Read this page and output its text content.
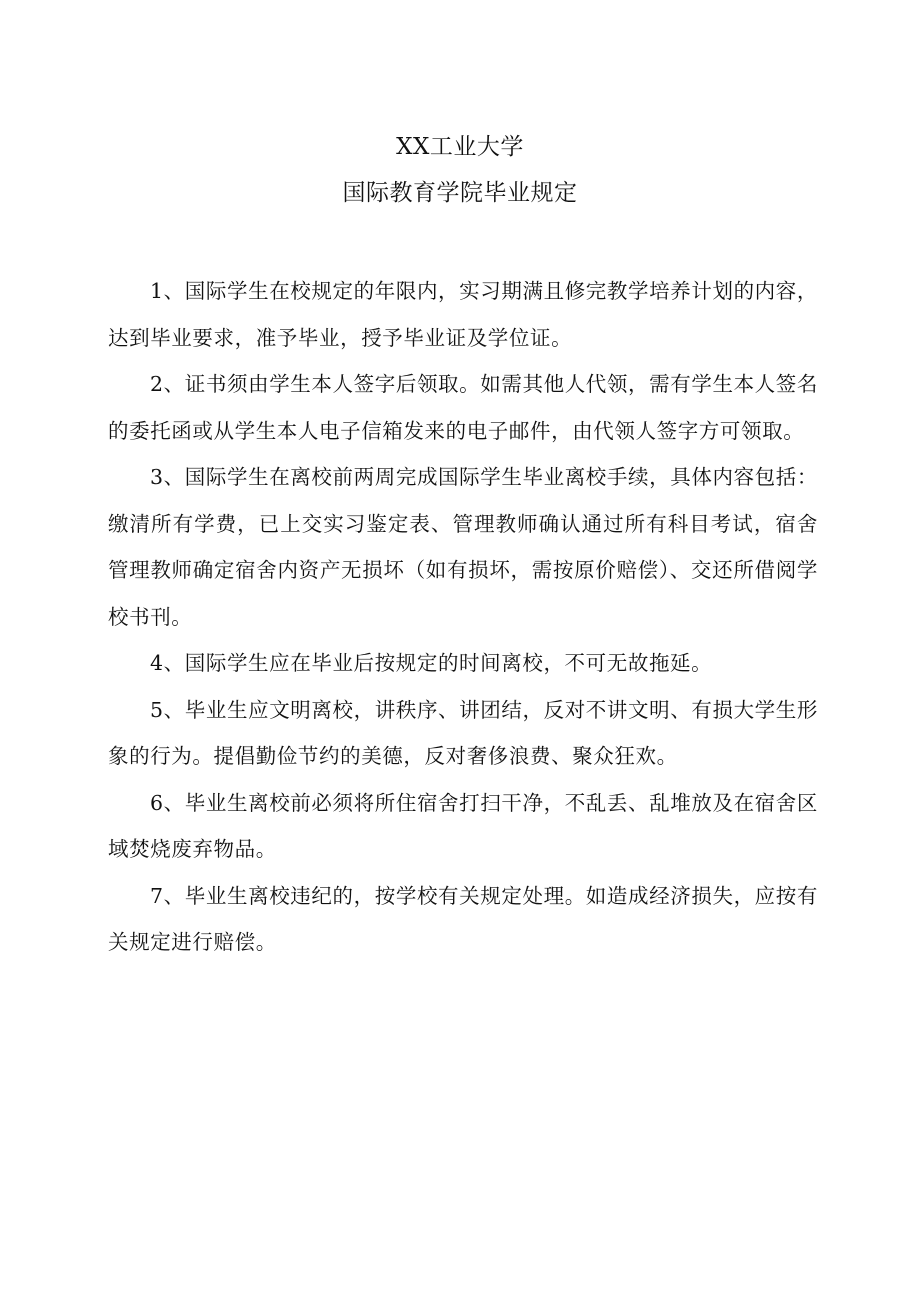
XX工业大学
国际教育学院毕业规定

1、国际学生在校规定的年限内，实习期满且修完教学培养计划的内容，达到毕业要求，准予毕业，授予毕业证及学位证。

2、证书须由学生本人签字后领取。如需其他人代领，需有学生本人签名的委托函或从学生本人电子信箱发来的电子邮件，由代领人签字方可领取。

3、国际学生在离校前两周完成国际学生毕业离校手续，具体内容包括：缴清所有学费，已上交实习鉴定表、管理教师确认通过所有科目考试，宿舍管理教师确定宿舍内资产无损坏（如有损坏，需按原价赔偿）、交还所借阅学校书刊。

4、国际学生应在毕业后按规定的时间离校，不可无故拖延。

5、毕业生应文明离校，讲秩序、讲团结，反对不讲文明、有损大学生形象的行为。提倡勤俭节约的美德，反对奢侈浪费、聚众狂欢。

6、毕业生离校前必须将所住宿舍打扫干净，不乱丢、乱堆放及在宿舍区域焚烧废弃物品。

7、毕业生离校违纪的，按学校有关规定处理。如造成经济损失，应按有关规定进行赔偿。
